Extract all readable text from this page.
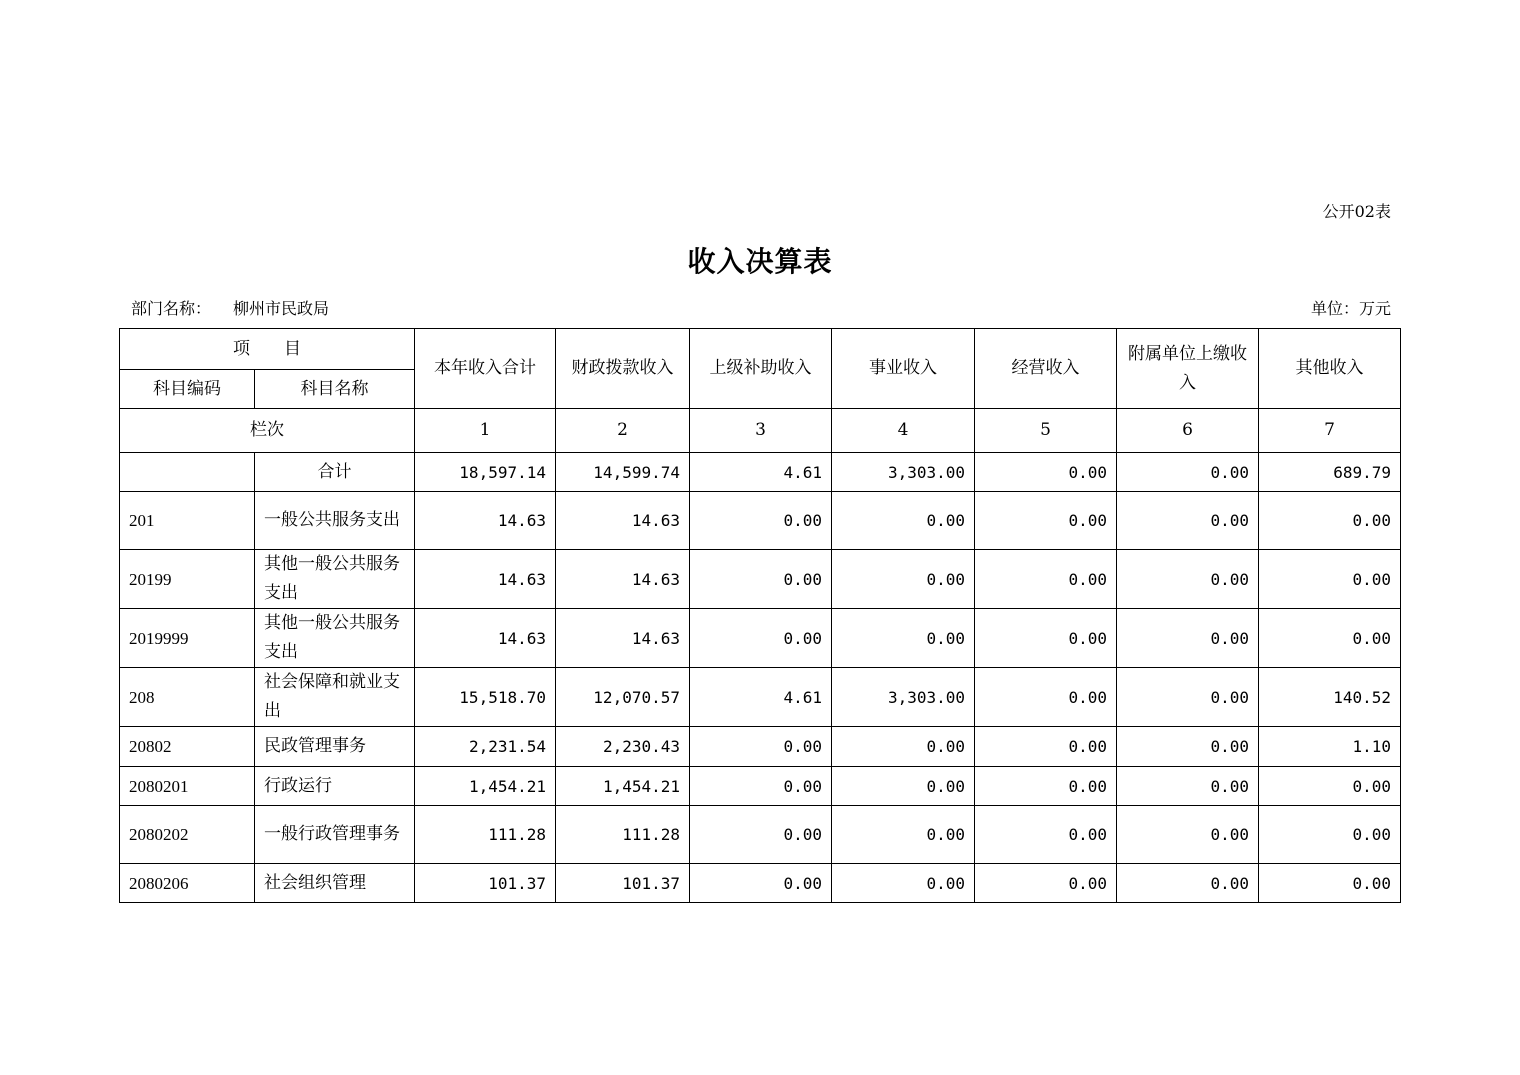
公开02表
收入决算表
部门名称： 柳州市民政局	单位：万元
项　　目		本年收入合计	财政拨款收入	上级补助收入	事业收入	经营收入	附属单位上缴收入	其他收入
科目编码	科目名称							
栏次		1	2	3	4	5	6	7
	合计	18,597.14	14,599.74	4.61	3,303.00	0.00	0.00	689.79
201	一般公共服务支出	14.63	14.63	0.00	0.00	0.00	0.00	0.00
20199	其他一般公共服务支出	14.63	14.63	0.00	0.00	0.00	0.00	0.00
2019999	其他一般公共服务支出	14.63	14.63	0.00	0.00	0.00	0.00	0.00
208	社会保障和就业支出	15,518.70	12,070.57	4.61	3,303.00	0.00	0.00	140.52
20802	民政管理事务	2,231.54	2,230.43	0.00	0.00	0.00	0.00	1.10
2080201	行政运行	1,454.21	1,454.21	0.00	0.00	0.00	0.00	0.00
2080202	一般行政管理事务	111.28	111.28	0.00	0.00	0.00	0.00	0.00
2080206	社会组织管理	101.37	101.37	0.00	0.00	0.00	0.00	0.00
